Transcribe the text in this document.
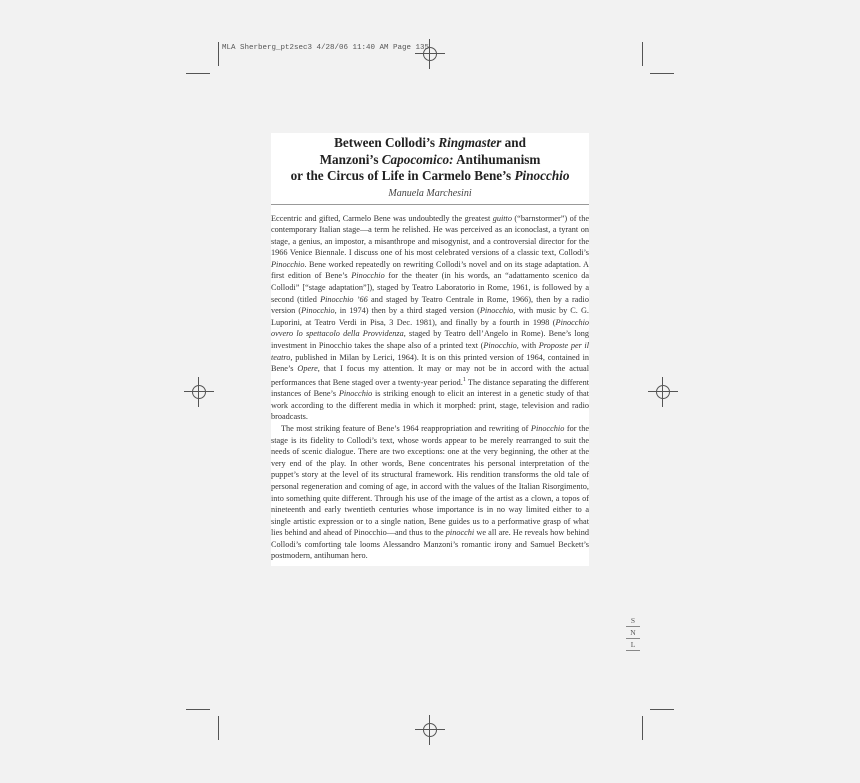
MLA Sherberg_pt2sec3 4/28/06 11:40 AM Page 135
Between Collodi’s Ringmaster and
Manzoni’s Capocomico: Antihumanism
or the Circus of Life in Carmelo Bene’s Pinocchio
Manuela Marchesini

Eccentric and gifted, Carmelo Bene was undoubtedly the greatest guitto (“barnstormer”) of the contemporary Italian stage—a term he relished. He was perceived as an iconoclast, a tyrant on stage, a genius, an impostor, a misanthrope and misogynist, and a controversial director for the 1966 Venice Biennale. I discuss one of his most celebrated versions of a classic text, Collodi’s Pinocchio. Bene worked repeatedly on rewriting Collodi’s novel and on its stage adaptation. A first edition of Bene’s Pinocchio for the theater (in his words, an “adattamento scenico da Collodi” [“stage adaptation”]), staged by Teatro Laboratorio in Rome, 1961, is followed by a second (titled Pinocchio ’66 and staged by Teatro Centrale in Rome, 1966), then by a radio version (Pinocchio, in 1974) then by a third staged version (Pinocchio, with music by C. G. Luporini, at Teatro Verdi in Pisa, 3 Dec. 1981), and finally by a fourth in 1998 (Pinocchio ovvero lo spettacolo della Provvidenza, staged by Teatro dell’Angelo in Rome). Bene’s long investment in Pinocchio takes the shape also of a printed text (Pinocchio, with Proposte per il teatro, published in Milan by Lerici, 1964). It is on this printed version of 1964, contained in Bene’s Opere, that I focus my attention. It may or may not be in accord with the actual performances that Bene staged over a twenty-year period.$^1$ The distance separating the different instances of Bene’s Pinocchio is striking enough to elicit an interest in a genetic study of that work according to the different media in which it morphed: print, stage, television and radio broadcasts.

The most striking feature of Bene’s 1964 reappropriation and rewriting of Pinocchio for the stage is its fidelity to Collodi’s text, whose words appear to be merely rearranged to suit the needs of scenic dialogue. There are two exceptions: one at the very beginning, the other at the very end of the play. In other words, Bene concentrates his personal interpretation of the puppet’s story at the level of its structural framework. His rendition transforms the old tale of personal regeneration and coming of age, in accord with the values of the Italian Risorgimento, into something quite different. Through his use of the image of the artist as a clown, a topos of nineteenth and early twentieth centuries whose importance is in no way limited either to a single artistic expression or to a single nation, Bene guides us to a performative grasp of what lies behind and ahead of Pinocchio—and thus to the pinocchi we all are. He reveals how behind Collodi’s comforting tale looms Alessandro Manzoni’s romantic irony and Samuel Beckett’s postmodern, antihuman hero.

S
N
L
